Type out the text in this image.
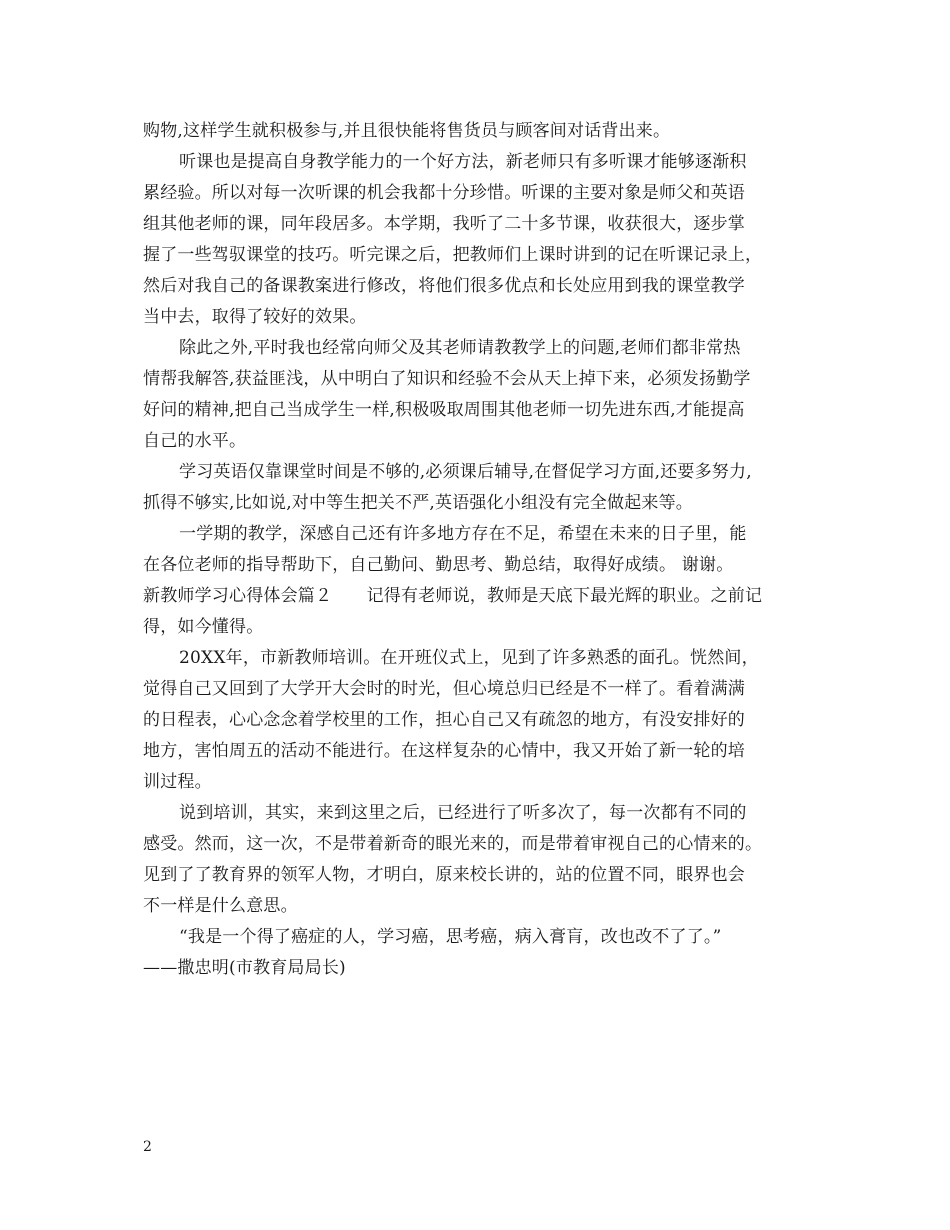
购物,这样学生就积极参与,并且很快能将售货员与顾客间对话背出来。
听课也是提高自身教学能力的一个好方法，新老师只有多听课才能够逐渐积
累经验。所以对每一次听课的机会我都十分珍惜。听课的主要对象是师父和英语
组其他老师的课，同年段居多。本学期，我听了二十多节课，收获很大，逐步掌
握了一些驾驭课堂的技巧。听完课之后，把教师们上课时讲到的记在听课记录上，
然后对我自己的备课教案进行修改，将他们很多优点和长处应用到我的课堂教学
当中去，取得了较好的效果。
除此之外,平时我也经常向师父及其老师请教教学上的问题,老师们都非常热
情帮我解答,获益匪浅，从中明白了知识和经验不会从天上掉下来，必须发扬勤学
好问的精神,把自己当成学生一样,积极吸取周围其他老师一切先进东西,才能提高
自己的水平。
学习英语仅靠课堂时间是不够的,必须课后辅导,在督促学习方面,还要多努力,
抓得不够实,比如说,对中等生把关不严,英语强化小组没有完全做起来等。
一学期的教学，深感自己还有许多地方存在不足，希望在未来的日子里，能
在各位老师的指导帮助下，自己勤问、勤思考、勤总结，取得好成绩。 谢谢。
新教师学习心得体会篇２　　记得有老师说，教师是天底下最光辉的职业。之前记
得，如今懂得。
20XX年，市新教师培训。在开班仪式上，见到了许多熟悉的面孔。恍然间，
觉得自己又回到了大学开大会时的时光，但心境总归已经是不一样了。看着满满
的日程表，心心念念着学校里的工作，担心自己又有疏忽的地方，有没安排好的
地方，害怕周五的活动不能进行。在这样复杂的心情中，我又开始了新一轮的培
训过程。
说到培训，其实，来到这里之后，已经进行了听多次了，每一次都有不同的
感受。然而，这一次，不是带着新奇的眼光来的，而是带着审视自己的心情来的。
见到了了教育界的领军人物，才明白，原来校长讲的，站的位置不同，眼界也会
不一样是什么意思。
“我是一个得了癌症的人，学习癌，思考癌，病入膏肓，改也改不了了。”
——撒忠明(市教育局局长)
2
